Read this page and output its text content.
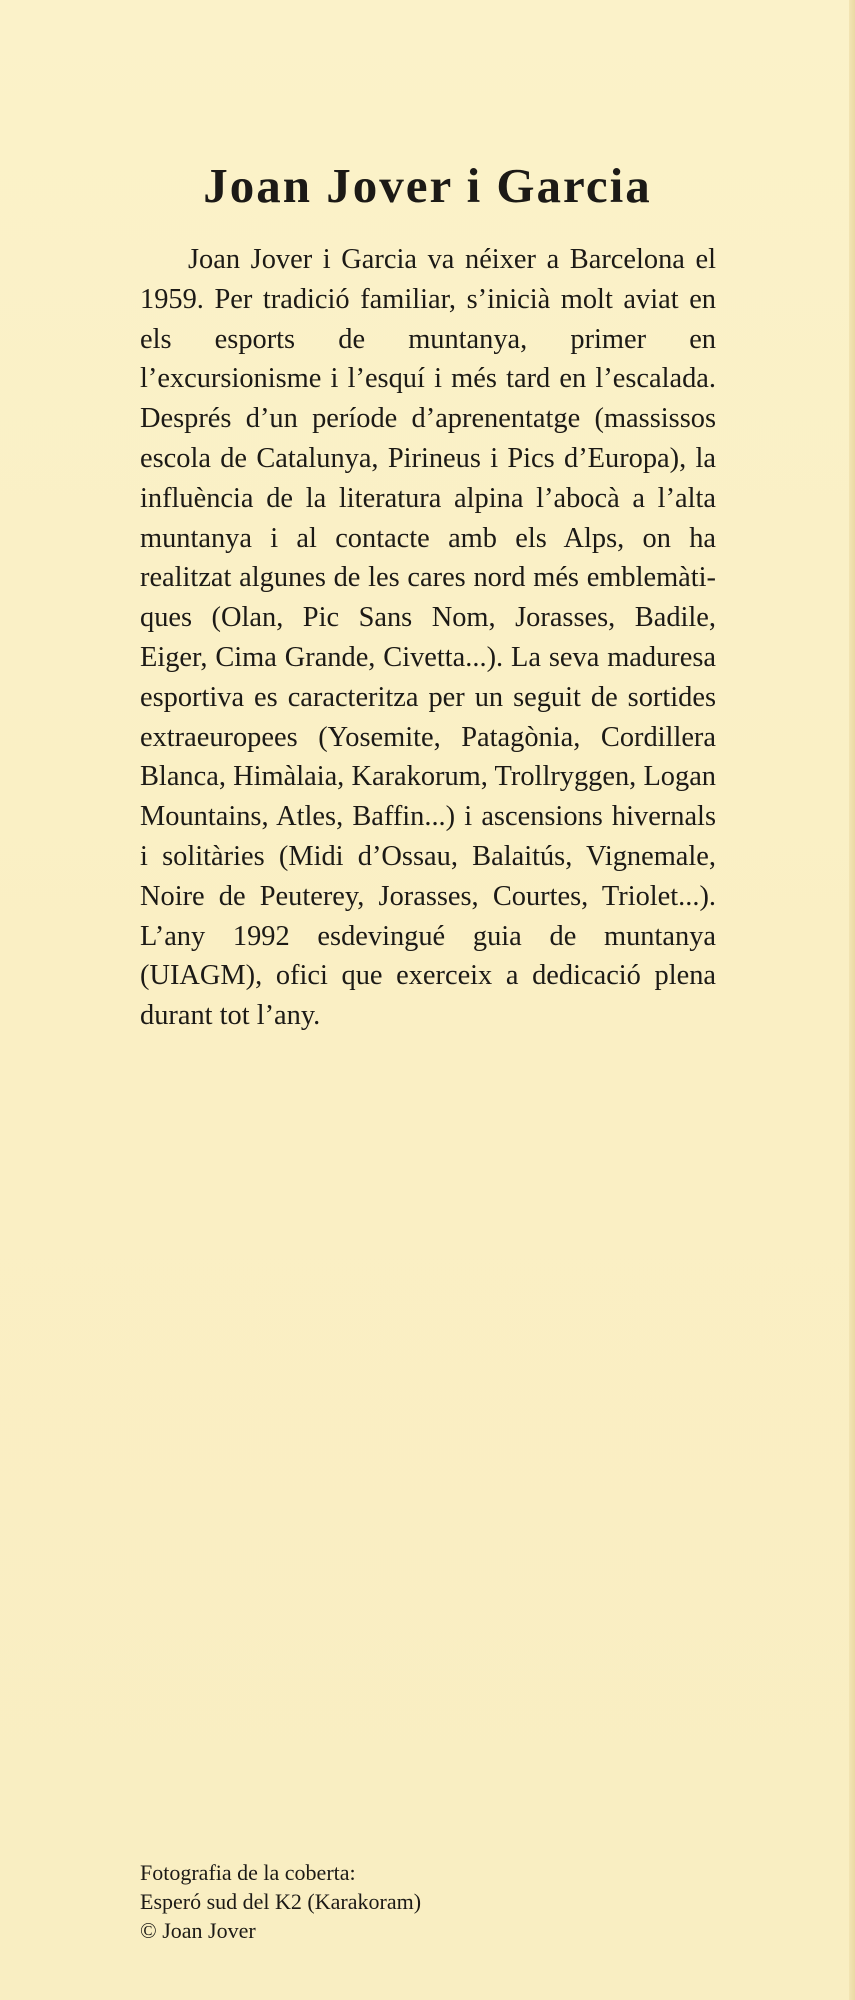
Joan Jover i Garcia

Joan Jover i Garcia va néixer a Barcelona el 1959. Per tradició familiar, s’inicià molt aviat en els esports de muntanya, primer en l’excursionisme i l’esquí i més tard en l’escalada. Després d’un període d’aprenentatge (massissos escola de Catalunya, Pirineus i Pics d’Europa), la influència de la literatura alpina l’abocà a l’alta muntanya i al contacte amb els Alps, on ha realitzat algunes de les cares nord més emblemàtiques (Olan, Pic Sans Nom, Jorasses, Badile, Eiger, Cima Grande, Civetta...). La seva maduresa esportiva es caracteritza per un seguit de sortides extraeuropees (Yosemite, Patagònia, Cordillera Blanca, Himàlaia, Karakorum, Trollryggen, Logan Mountains, Atles, Baffin...) i ascensions hivernals i solitàries (Midi d’Ossau, Balaitús, Vignemale, Noire de Peuterey, Jorasses, Courtes, Triolet...). L’any 1992 esdevingué guia de muntanya (UIAGM), ofici que exerceix a dedicació plena durant tot l’any.

Fotografia de la coberta:
Esperó sud del K2 (Karakoram)
© Joan Jover
